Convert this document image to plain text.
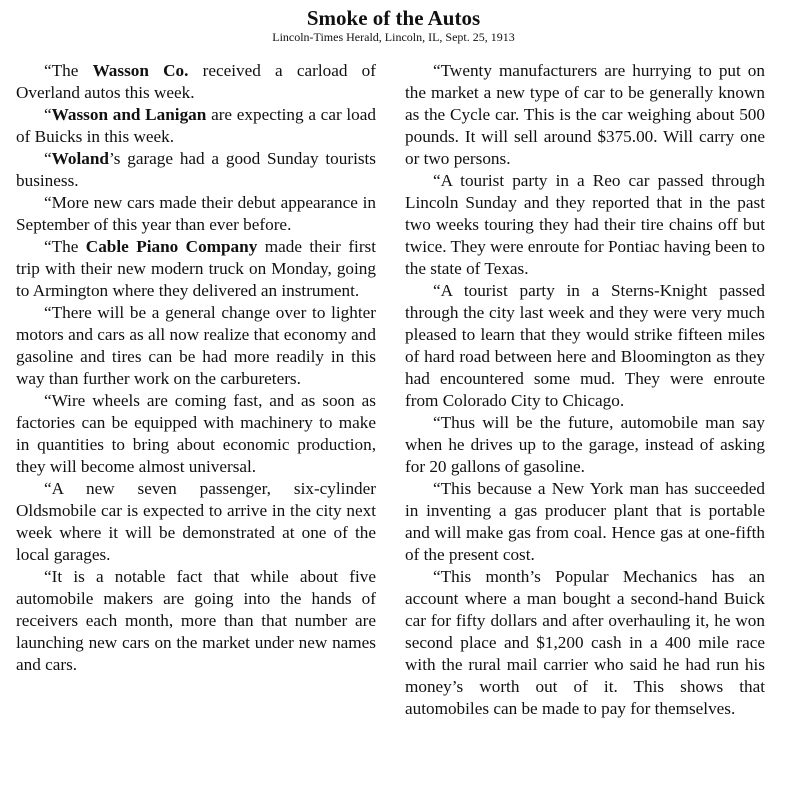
Smoke of the Autos

Lincoln-Times Herald, Lincoln, IL, Sept. 25, 1913

“The Wasson Co. received a carload of Overland autos this week.

“Wasson and Lanigan are expecting a car load of Buicks in this week.

“Woland’s garage had a good Sunday tourists business.

“More new cars made their debut appearance in September of this year than ever before.

“The Cable Piano Company made their first trip with their new modern truck on Monday, going to Armington where they delivered an instrument.

“There will be a general change over to lighter motors and cars as all now realize that economy and gasoline and tires can be had more readily in this way than further work on the carbureters.

“Wire wheels are coming fast, and as soon as factories can be equipped with machinery to make in quantities to bring about economic production, they will become almost universal.

“A new seven passenger, six-cylinder Oldsmobile car is expected to arrive in the city next week where it will be demonstrated at one of the local garages.

“It is a notable fact that while about five automobile makers are going into the hands of receivers each month, more than that number are launching new cars on the market under new names and cars.

“Twenty manufacturers are hurrying to put on the market a new type of car to be generally known as the Cycle car. This is the car weighing about 500 pounds. It will sell around $375.00. Will carry one or two persons.

“A tourist party in a Reo car passed through Lincoln Sunday and they reported that in the past two weeks touring they had their tire chains off but twice. They were enroute for Pontiac having been to the state of Texas.

“A tourist party in a Sterns-Knight passed through the city last week and they were very much pleased to learn that they would strike fifteen miles of hard road between here and Bloomington as they had encountered some mud. They were enroute from Colorado City to Chicago.

“Thus will be the future, automobile man say when he drives up to the garage, instead of asking for 20 gallons of gasoline.

“This because a New York man has succeeded in inventing a gas producer plant that is portable and will make gas from coal. Hence gas at one-fifth of the present cost.

“This month’s Popular Mechanics has an account where a man bought a second-hand Buick car for fifty dollars and after overhauling it, he won second place and $1,200 cash in a 400 mile race with the rural mail carrier who said he had run his money’s worth out of it. This shows that automobiles can be made to pay for themselves.
